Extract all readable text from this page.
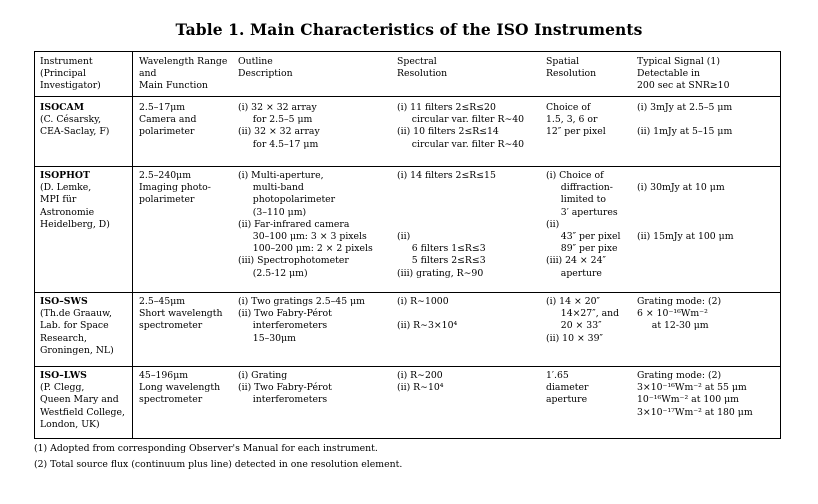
Table 1. Main Characteristics of the ISO Instruments
Instrument
(Principal
Investigator)
Wavelength Range
and
Main Function
Outline
Description
Spectral
Resolution
Spatial
Resolution
Typical Signal (1)
Detectable in
200 sec at SNR≥10
ISOCAM
(C. Césarsky,
CEA-Saclay, F)
2.5–17μm
Camera and
polarimeter
(i) 32 × 32 array
for 2.5–5 μm
(ii) 32 × 32 array
for 4.5–17 μm
(i) 11 filters 2≤R≤20
circular var. filter R∼40
(ii) 10 filters 2≤R≤14
circular var. filter R∼40
Choice of
1.5, 3, 6 or
12″ per pixel
(i) 3mJy at 2.5–5 μm
(ii) 1mJy at 5–15 μm
ISOPHOT
(D. Lemke,
MPI für
Astronomie
Heidelberg, D)
2.5–240μm
Imaging photo-
polarimeter
(i) Multi-aperture,
multi-band
photopolarimeter
(3–110 μm)
(ii) Far-infrared camera
30–100 μm: 3 × 3 pixels
100–200 μm: 2 × 2 pixels
(iii) Spectrophotometer
(2.5-12 μm)
(i) 14 filters 2≤R≤15
(ii)
6 filters 1≤R≤3
5 filters 2≤R≤3
(iii) grating, R∼90
(i) Choice of
diffraction-
limited to
3′ apertures
(ii)
43″ per pixel
89″ per pixe
(iii) 24 × 24″
aperture
(i) 30mJy at 10 μm
(ii) 15mJy at 100 μm
ISO–SWS
(Th.de Graauw,
Lab. for Space
Research,
Groningen, NL)
2.5–45μm
Short wavelength
spectrometer
(i) Two gratings 2.5–45 μm
(ii) Two Fabry-Pérot
interferometers
15–30μm
(i) R∼1000
(ii) R∼3×10⁴
(i) 14 × 20″
14×27″, and
20 × 33″
(ii) 10 × 39″
Grating mode: (2)
6 × 10⁻¹⁶Wm⁻²
at 12-30 μm
ISO–LWS
(P. Clegg,
Queen Mary and
Westfield College,
London, UK)
45–196μm
Long wavelength
spectrometer
(i) Grating
(ii) Two Fabry-Pérot
interferometers
(i) R∼200
(ii) R∼10⁴
1′.65
diameter
aperture
Grating mode: (2)
3×10⁻¹⁶Wm⁻² at 55 μm
10⁻¹⁶Wm⁻² at 100 μm
3×10⁻¹⁷Wm⁻² at 180 μm
(1) Adopted from corresponding Observer's Manual for each instrument.
(2) Total source flux (continuum plus line) detected in one resolution element.
